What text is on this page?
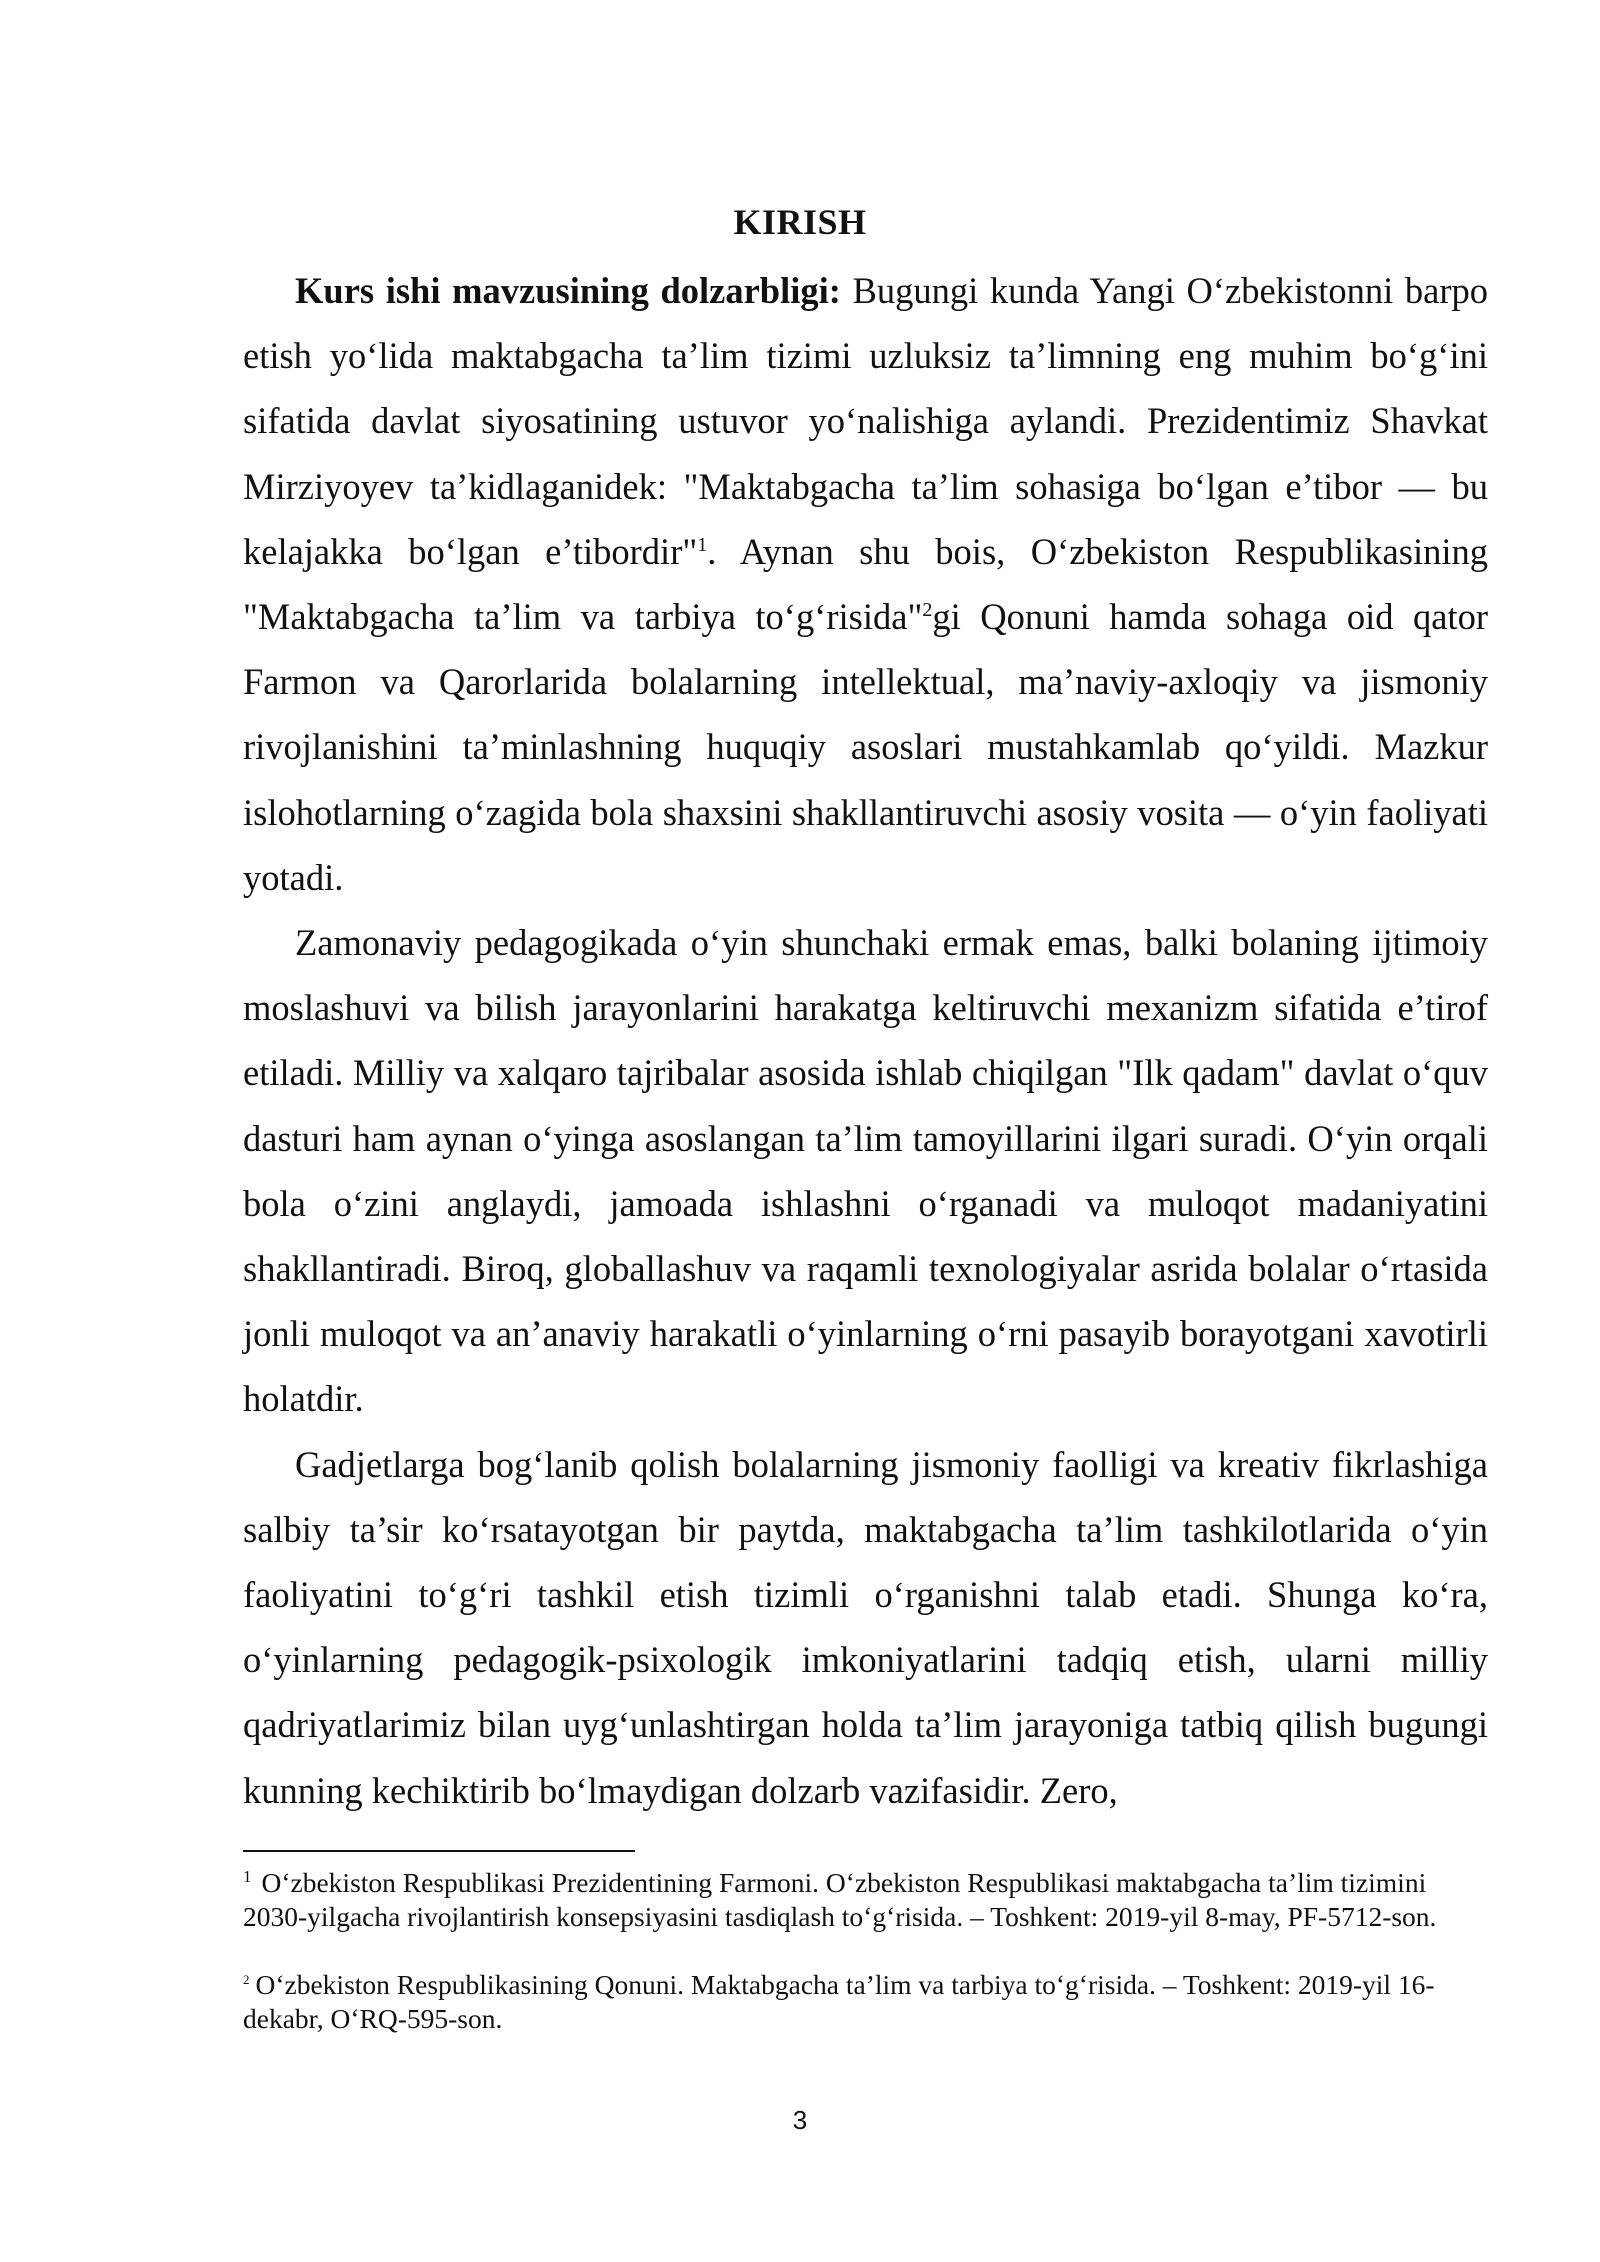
KIRISH

Kurs ishi mavzusining dolzarbligi: Bugungi kunda Yangi O‘zbekistonni barpo etish yo‘lida maktabgacha ta’lim tizimi uzluksiz ta’limning eng muhim bo‘g‘ini sifatida davlat siyosatining ustuvor yo‘nalishiga aylandi. Prezidentimiz Shavkat Mirziyoyev ta’kidlaganidek: "Maktabgacha ta’lim sohasiga bo‘lgan e’tibor — bu kelajakka bo‘lgan e’tibordir"$^1$. Aynan shu bois, O‘zbekiston Respublikasining "Maktabgacha ta’lim va tarbiya to‘g‘risida"$^2$gi Qonuni hamda sohaga oid qator Farmon va Qarorlarida bolalarning intellektual, ma’naviy-axloqiy va jismoniy rivojlanishini ta’minlashning huquqiy asoslari mustahkamlab qo‘yildi. Mazkur islohotlarning o‘zagida bola shaxsini shakllantiruvchi asosiy vosita — o‘yin faoliyati yotadi.

Zamonaviy pedagogikada o‘yin shunchaki ermak emas, balki bolaning ijtimoiy moslashuvi va bilish jarayonlarini harakatga keltiruvchi mexanizm sifatida e’tirof etiladi. Milliy va xalqaro tajribalar asosida ishlab chiqilgan "Ilk qadam" davlat o‘quv dasturi ham aynan o‘yinga asoslangan ta’lim tamoyillarini ilgari suradi. O‘yin orqali bola o‘zini anglaydi, jamoada ishlashni o‘rganadi va muloqot madaniyatini shakllantiradi. Biroq, globallashuv va raqamli texnologiyalar asrida bolalar o‘rtasida jonli muloqot va an’anaviy harakatli o‘yinlarning o‘rni pasayib borayotgani xavotirli holatdir.

Gadjetlarga bog‘lanib qolish bolalarning jismoniy faolligi va kreativ fikrlashiga salbiy ta’sir ko‘rsatayotgan bir paytda, maktabgacha ta’lim tashkilotlarida o‘yin faoliyatini to‘g‘ri tashkil etish tizimli o‘rganishni talab etadi. Shunga ko‘ra, o‘yinlarning pedagogik-psixologik imkoniyatlarini tadqiq etish, ularni milliy qadriyatlarimiz bilan uyg‘unlashtirgan holda ta’lim jarayoniga tatbiq qilish bugungi kunning kechiktirib bo‘lmaydigan dolzarb vazifasidir. Zero,

$^1$ O‘zbekiston Respublikasi Prezidentining Farmoni. O‘zbekiston Respublikasi maktabgacha ta’lim tizimini 2030-yilgacha rivojlantirish konsepsiyasini tasdiqlash to‘g‘risida. – Toshkent: 2019-yil 8-may, PF-5712-son.

$^2$ O‘zbekiston Respublikasining Qonuni. Maktabgacha ta’lim va tarbiya to‘g‘risida. – Toshkent: 2019-yil 16-dekabr, O‘RQ-595-son.

3
